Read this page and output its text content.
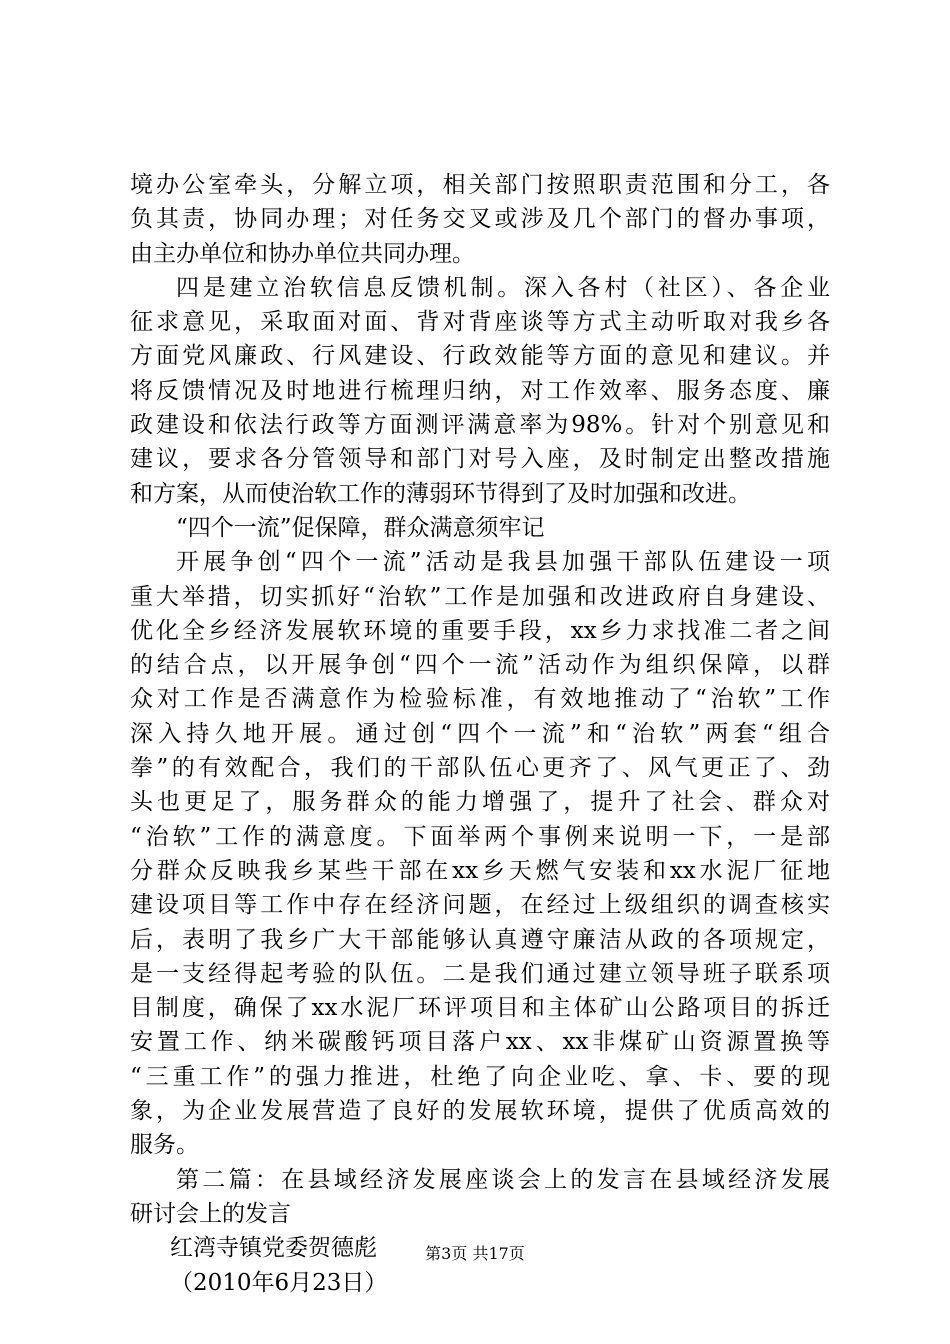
境办公室牵头，分解立项，相关部门按照职责范围和分工，各
负其责，协同办理；对任务交叉或涉及几个部门的督办事项，
由主办单位和协办单位共同办理。
四是建立治软信息反馈机制。深入各村（社区）、各企业
征求意见，采取面对面、背对背座谈等方式主动听取对我乡各
方面党风廉政、行风建设、行政效能等方面的意见和建议。并
将反馈情况及时地进行梳理归纳，对工作效率、服务态度、廉
政建设和依法行政等方面测评满意率为98%。针对个别意见和
建议，要求各分管领导和部门对号入座，及时制定出整改措施
和方案，从而使治软工作的薄弱环节得到了及时加强和改进。
“四个一流”促保障，群众满意须牢记
开展争创“四个一流”活动是我县加强干部队伍建设一项
重大举措，切实抓好“治软”工作是加强和改进政府自身建设、
优化全乡经济发展软环境的重要手段，xx乡力求找准二者之间
的结合点，以开展争创“四个一流”活动作为组织保障，以群
众对工作是否满意作为检验标准，有效地推动了“治软”工作
深入持久地开展。通过创“四个一流”和“治软”两套“组合
拳”的有效配合，我们的干部队伍心更齐了、风气更正了、劲
头也更足了，服务群众的能力增强了，提升了社会、群众对
“治软”工作的满意度。下面举两个事例来说明一下，一是部
分群众反映我乡某些干部在xx乡天燃气安装和xx水泥厂征地
建设项目等工作中存在经济问题，在经过上级组织的调查核实
后，表明了我乡广大干部能够认真遵守廉洁从政的各项规定，
是一支经得起考验的队伍。二是我们通过建立领导班子联系项
目制度，确保了xx水泥厂环评项目和主体矿山公路项目的拆迁
安置工作、纳米碳酸钙项目落户xx、xx非煤矿山资源置换等
“三重工作”的强力推进，杜绝了向企业吃、拿、卡、要的现
象，为企业发展营造了良好的发展软环境，提供了优质高效的
服务。
第二篇：在县域经济发展座谈会上的发言在县域经济发展
研讨会上的发言
红湾寺镇党委贺德彪
（2010年6月23日）
第3页 共17页
